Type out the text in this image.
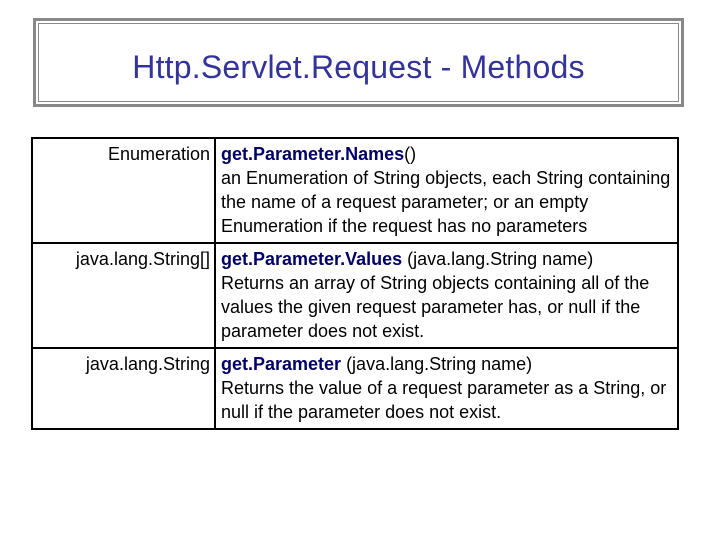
Http.Servlet.Request - Methods
Enumeration	get.Parameter.Names()
an Enumeration of String objects, each String containing the name of a request parameter; or an empty Enumeration if the request has no parameters

java.lang.String[]	get.Parameter.Values (java.lang.String name)
Returns an array of String objects containing all of the values the given request parameter has, or null if the parameter does not exist.

java.lang.String	get.Parameter (java.lang.String name)
Returns the value of a request parameter as a String, or null if the parameter does not exist.
